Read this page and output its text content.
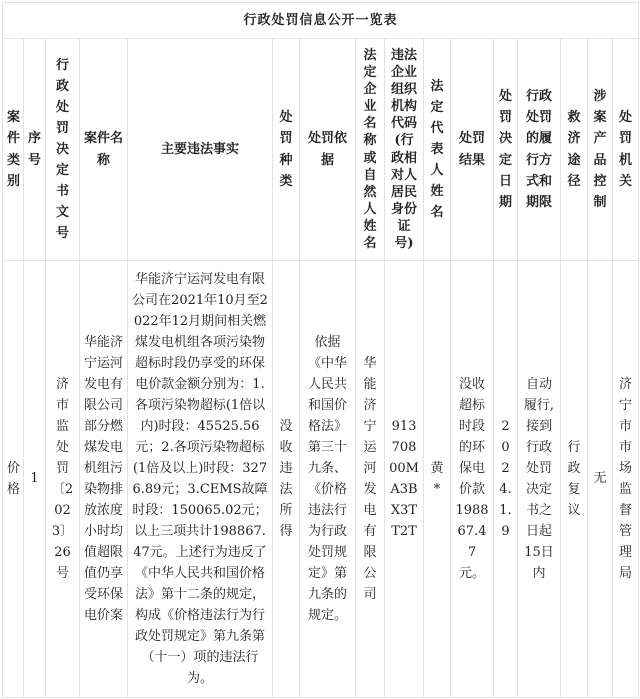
行政处罚信息公开一览表															
案件类别	序号	行政处罚决定书文号	案件名称	主要违法事实	处罚种类	处罚依据	法定企业名称或自然人姓名	违法企业组织机构代码(行政相对人居民身份证号)	法定代表人姓名	处罚结果	处罚决定日期	行政处罚的履行方式和期限	救济途径	涉案产品控制	处罚机关
价格	1	济市监处罚〔2023〕26号	华能济宁运河发电有限公司部分燃煤发电机组污染物排放浓度小时均值超限值仍享受环保电价案	华能济宁运河发电有限公司在2021年10月至2022年12月期间相关燃煤发电机组各项污染物超标时段仍享受的环保电价款金额分别为：1.各项污染物超标(1倍以内)时段：45525.56元；2.各项污染物超标(1倍及以上)时段：3276.89元；3.CEMS故障时段：150065.02元；以上三项共计198867.47元。上述行为违反了《中华人民共和国价格法》第十二条的规定，构成《价格违法行为行政处罚规定》第九条第（十一）项的违法行为。	没收违法所得	依据《中华人民共和国价格法》第三十九条、《价格违法行为行政处罚规定》第九条的规定。	华能济宁运河发电有限公司	91370800MA3BX3TT2T	黄*	没收超标时段的环保电价款198867.47元。	2024.1.9	自动履行,接到行政处罚决定书之日起15日内	行政复议	无	济宁市市场监督管理局
